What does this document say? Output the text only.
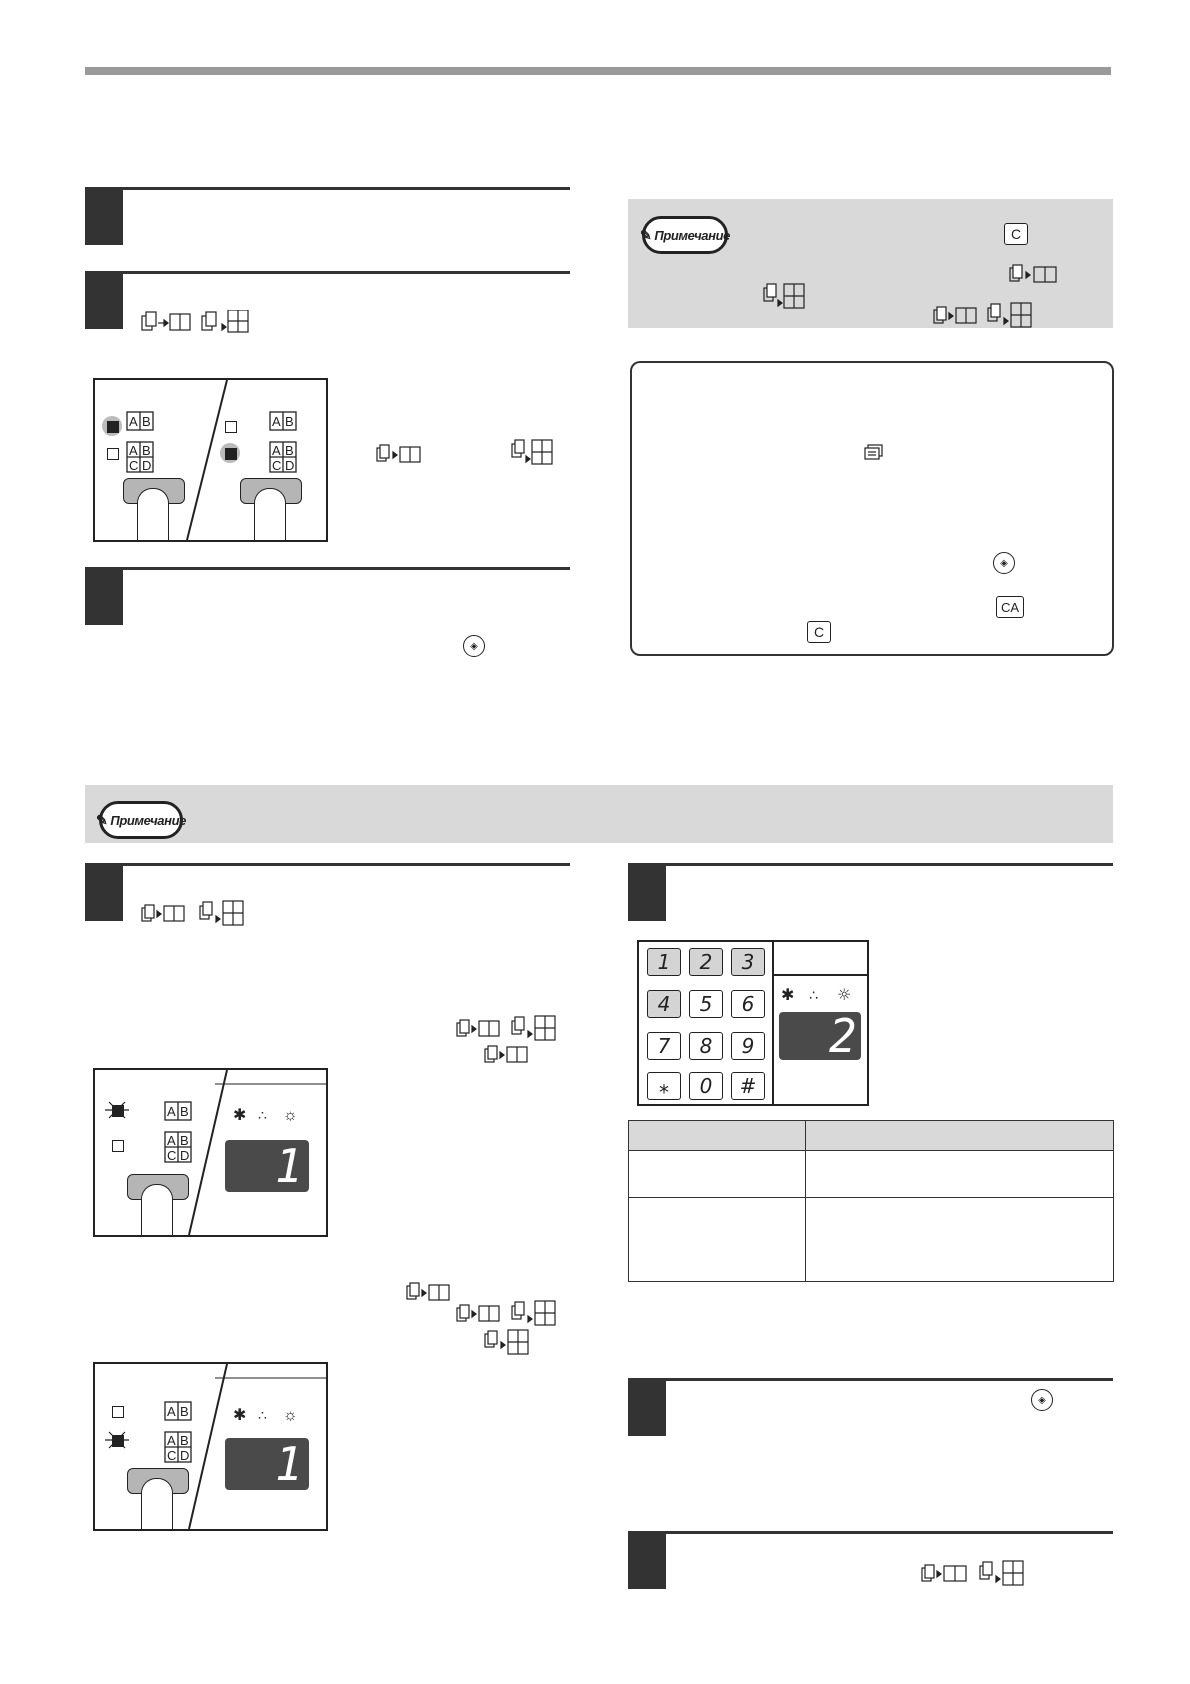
A B
A B
C D
A B
A B
C D
◈
✎ Примечание	C
◈
CA
C
✎ Примечание
A B
A B
C D
✱ ∴ ☼
1
A B
A B
C D
✱ ∴ ☼
1
1	2	3
4	5	6
7	8	9
⁎	0	#
✱ ∴ ☼
2

◈
